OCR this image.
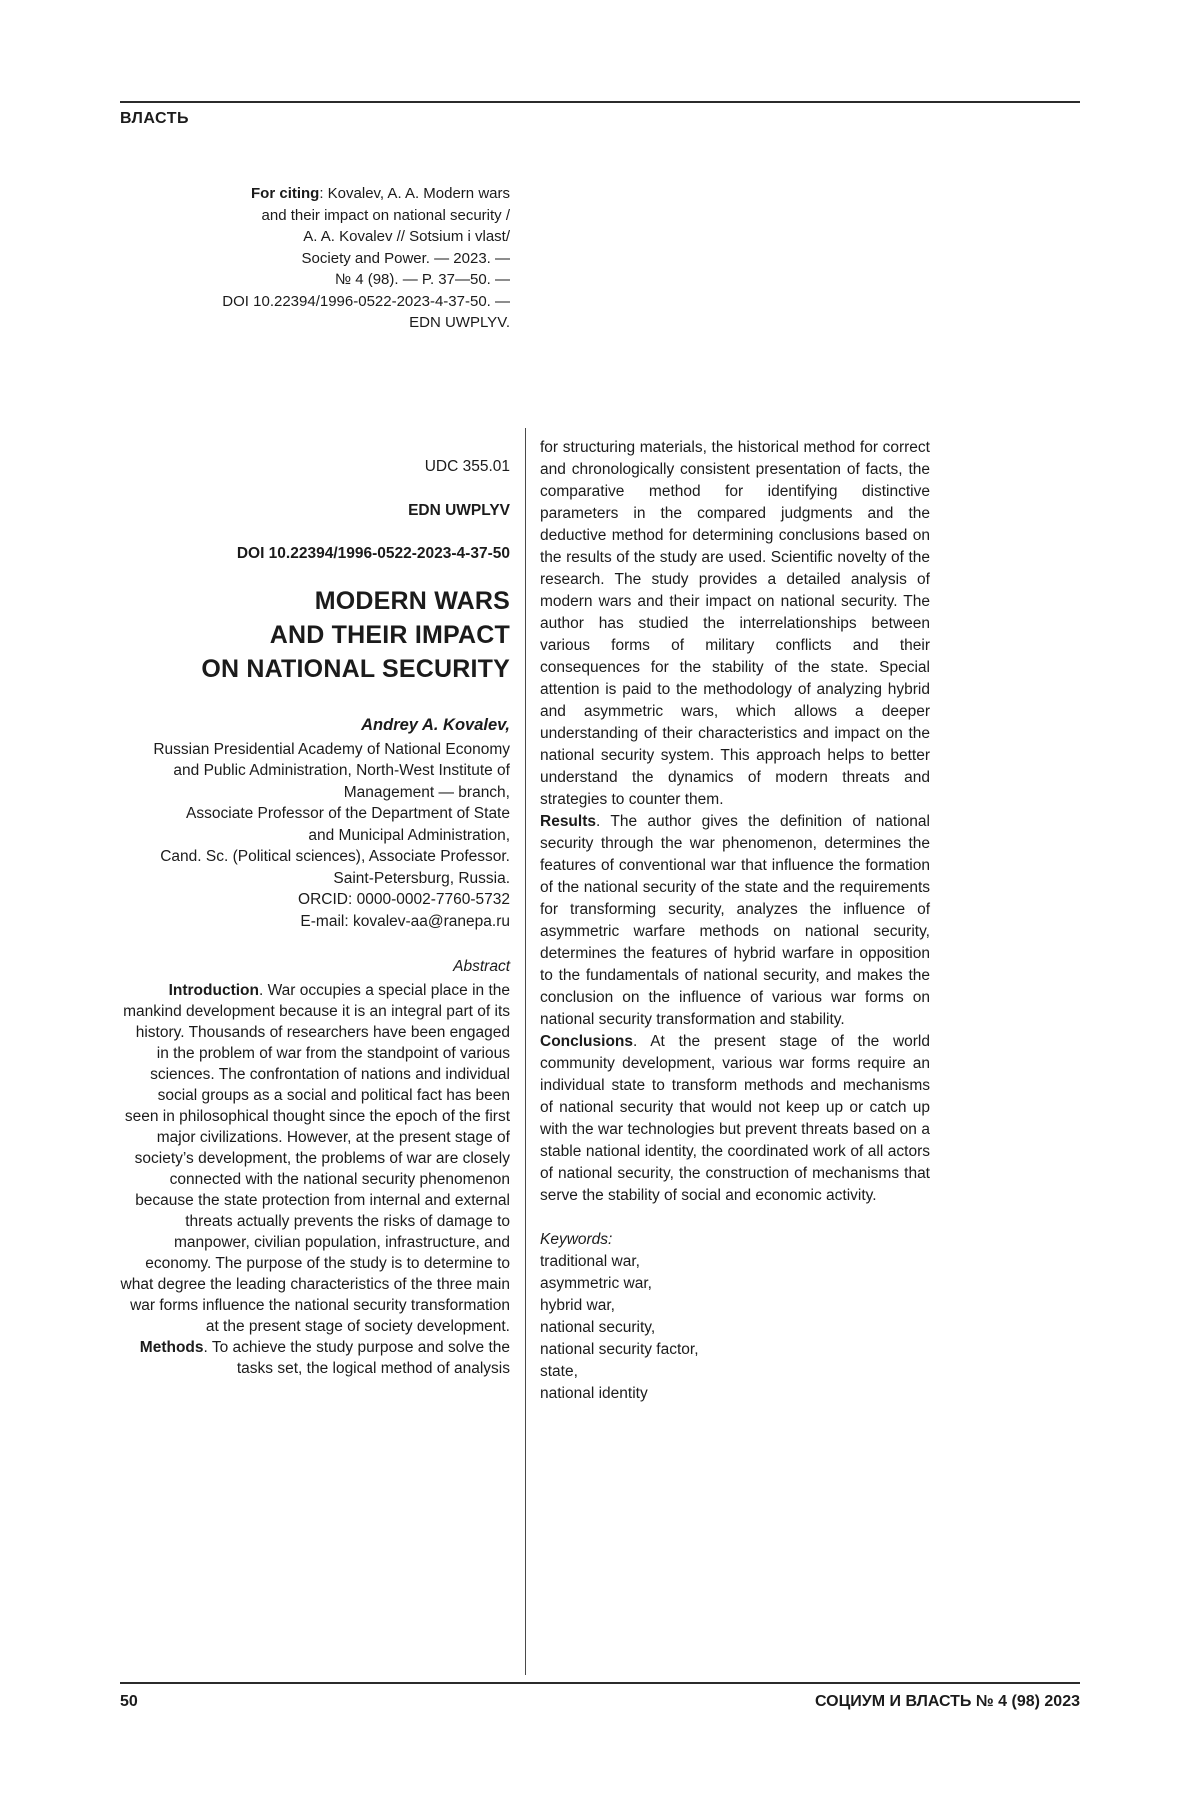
ВЛАСТЬ

For citing: Kovalev, A. A. Modern wars
and their impact on national security /
A. A. Kovalev // Sotsium i vlast/
Society and Power. — 2023. —
№ 4 (98). — P. 37—50. —
DOI 10.22394/1996-0522-2023-4-37-50. —
EDN UWPLYV.

UDC 355.01

EDN UWPLYV

DOI 10.22394/1996-0522-2023-4-37-50

MODERN WARS
AND THEIR IMPACT
ON NATIONAL SECURITY

Andrey A. Kovalev,

Russian Presidential Academy of National Economy
and Public Administration, North-West Institute of
Management — branch,
Associate Professor of the Department of State
and Municipal Administration,
Cand. Sc. (Political sciences), Associate Professor.
Saint-Petersburg, Russia.
ORCID: 0000-0002-7760-5732
E-mail: kovalev-aa@ranepa.ru

Abstract

Introduction. War occupies a special place in the mankind development because it is an integral part of its history. Thousands of researchers have been engaged in the problem of war from the standpoint of various sciences. The confrontation of nations and individual social groups as a social and political fact has been seen in philosophical thought since the epoch of the first major civilizations. However, at the present stage of society’s development, the problems of war are closely connected with the national security phenomenon because the state protection from internal and external threats actually prevents the risks of damage to manpower, civilian population, infrastructure, and economy. The purpose of the study is to determine to what degree the leading characteristics of the three main war forms influence the national security transformation at the present stage of society development.

Methods. To achieve the study purpose and solve the tasks set, the logical method of analysis

for structuring materials, the historical method for correct and chronologically consistent presentation of facts, the comparative method for identifying distinctive parameters in the compared judgments and the deductive method for determining conclusions based on the results of the study are used. Scientific novelty of the research. The study provides a detailed analysis of modern wars and their impact on national security. The author has studied the interrelationships between various forms of military conflicts and their consequences for the stability of the state. Special attention is paid to the methodology of analyzing hybrid and asymmetric wars, which allows a deeper understanding of their characteristics and impact on the national security system. This approach helps to better understand the dynamics of modern threats and strategies to counter them.

Results. The author gives the definition of national security through the war phenomenon, determines the features of conventional war that influence the formation of the national security of the state and the requirements for transforming security, analyzes the influence of asymmetric warfare methods on national security, determines the features of hybrid warfare in opposition to the fundamentals of national security, and makes the conclusion on the influence of various war forms on national security transformation and stability.

Conclusions. At the present stage of the world community development, various war forms require an individual state to transform methods and mechanisms of national security that would not keep up or catch up with the war technologies but prevent threats based on a stable national identity, the coordinated work of all actors of national security, the construction of mechanisms that serve the stability of social and economic activity.

Keywords:

traditional war,
asymmetric war,
hybrid war,
national security,
national security factor,
state,
national identity

50	СОЦИУМ И ВЛАСТЬ № 4 (98) 2023
